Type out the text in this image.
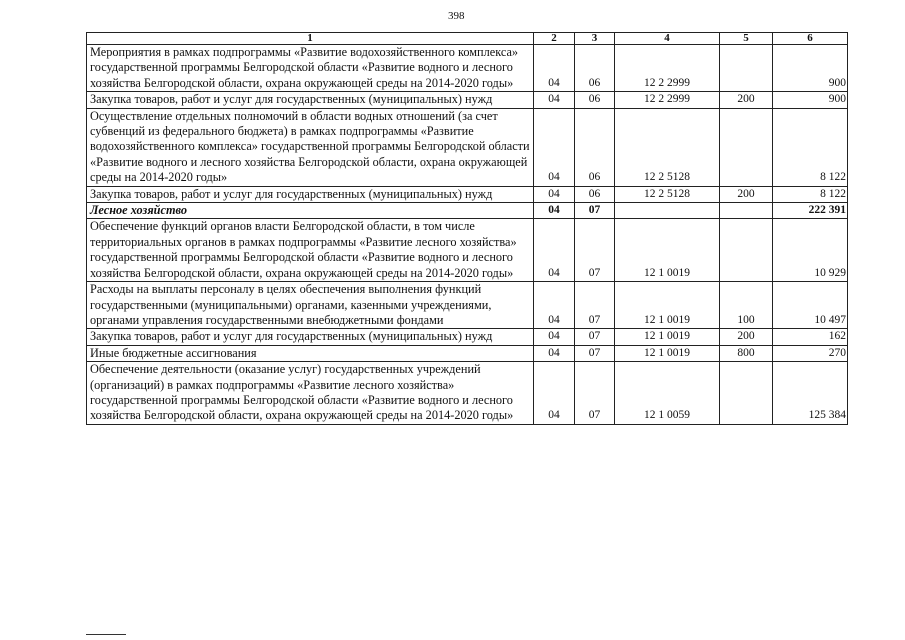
398
1	2	3	4	5	6
Мероприятия в рамках подпрограммы «Развитие водохозяйственного комплекса» государственной программы Белгородской области «Развитие водного и лесного хозяйства Белгородской области, охрана окружающей среды на 2014-2020 годы»	04	06	12 2 2999		900
Закупка товаров, работ и услуг для государственных (муниципальных) нужд	04	06	12 2 2999	200	900
Осуществление отдельных полномочий в области водных отношений (за счет субвенций из федерального бюджета) в рамках подпрограммы «Развитие водохозяйственного комплекса» государственной программы Белгородской области «Развитие водного и лесного хозяйства Белгородской области, охрана окружающей среды на 2014-2020 годы»	04	06	12 2 5128		8 122
Закупка товаров, работ и услуг для государственных (муниципальных) нужд	04	06	12 2 5128	200	8 122
Лесное хозяйство	04	07			222 391
Обеспечение функций органов власти Белгородской области, в том числе территориальных органов в рамках подпрограммы «Развитие лесного хозяйства» государственной программы Белгородской области «Развитие водного и лесного хозяйства Белгородской области, охрана окружающей среды на 2014-2020 годы»	04	07	12 1 0019		10 929
Расходы на выплаты персоналу в целях обеспечения выполнения функций государственными (муниципальными) органами, казенными учреждениями, органами управления государственными внебюджетными фондами	04	07	12 1 0019	100	10 497
Закупка товаров, работ и услуг для государственных (муниципальных) нужд	04	07	12 1 0019	200	162
Иные бюджетные ассигнования	04	07	12 1 0019	800	270
Обеспечение деятельности (оказание услуг) государственных учреждений (организаций) в рамках подпрограммы «Развитие лесного хозяйства» государственной программы Белгородской области «Развитие водного и лесного хозяйства Белгородской области, охрана окружающей среды на 2014-2020 годы»	04	07	12 1 0059		125 384
